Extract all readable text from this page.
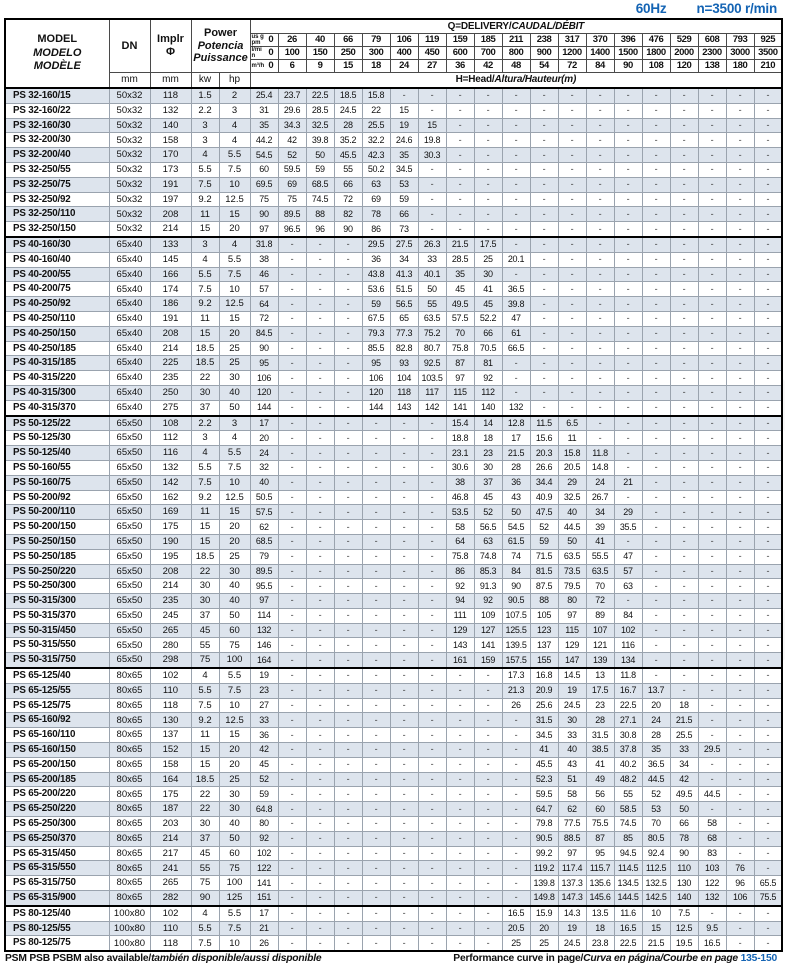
60Hz n=3500 r/min
MODEL
MODELO
MODÈLE
	DN	
Implr
Φ

Power
Potencia
Puissance
	Q=DELIVERY/CAUDAL/DÉBIT

					us gpm 0	26	40	66	79	106	119	159	185	211	238	317	370	396	476	529	608	793	925

					l/min 0	100	150	250	300	400	450	600	700	800	900	1200	1400	1500	1800	2000	2300	3000	3500

					m³/h 0	6	9	15	18	24	27	36	42	48	54	72	84	90	108	120	138	180	210
	mm	mm	kw	hp	H=Head/Altura/Hauteur(m)																		
PS 32-160/15	50x32	118	1.5	2	25.4	23.7	22.5	18.5	15.8	-	-	-	-	-	-	-	-	-	-	-	-	-	-
PS 32-160/22	50x32	132	2.2	3	31	29.6	28.5	24.5	22	15	-	-	-	-	-	-	-	-	-	-	-	-	-
PS 32-160/30	50x32	140	3	4	35	34.3	32.5	28	25.5	19	15	-	-	-	-	-	-	-	-	-	-	-	-
PS 32-200/30	50x32	158	3	4	44.2	42	39.8	35.2	32.2	24.6	19.8	-	-	-	-	-	-	-	-	-	-	-	-
PS 32-200/40	50x32	170	4	5.5	54.5	52	50	45.5	42.3	35	30.3	-	-	-	-	-	-	-	-	-	-	-	-
PS 32-250/55	50x32	173	5.5	7.5	60	59.5	59	55	50.2	34.5	-	-	-	-	-	-	-	-	-	-	-	-	-
PS 32-250/75	50x32	191	7.5	10	69.5	69	68.5	66	63	53	-	-	-	-	-	-	-	-	-	-	-	-	-
PS 32-250/92	50x32	197	9.2	12.5	75	75	74.5	72	69	59	-	-	-	-	-	-	-	-	-	-	-	-	-
PS 32-250/110	50x32	208	11	15	90	89.5	88	82	78	66	-	-	-	-	-	-	-	-	-	-	-	-	-
PS 32-250/150	50x32	214	15	20	97	96.5	96	90	86	73	-	-	-	-	-	-	-	-	-	-	-	-	-
PS 40-160/30	65x40	133	3	4	31.8	-	-	-	29.5	27.5	26.3	21.5	17.5	-	-	-	-	-	-	-	-	-	-
PS 40-160/40	65x40	145	4	5.5	38	-	-	-	36	34	33	28.5	25	20.1	-	-	-	-	-	-	-	-	-
PS 40-200/55	65x40	166	5.5	7.5	46	-	-	-	43.8	41.3	40.1	35	30	-	-	-	-	-	-	-	-	-	-
PS 40-200/75	65x40	174	7.5	10	57	-	-	-	53.6	51.5	50	45	41	36.5	-	-	-	-	-	-	-	-	-
PS 40-250/92	65x40	186	9.2	12.5	64	-	-	-	59	56.5	55	49.5	45	39.8	-	-	-	-	-	-	-	-	-
PS 40-250/110	65x40	191	11	15	72	-	-	-	67.5	65	63.5	57.5	52.2	47	-	-	-	-	-	-	-	-	-
PS 40-250/150	65x40	208	15	20	84.5	-	-	-	79.3	77.3	75.2	70	66	61	-	-	-	-	-	-	-	-	-
PS 40-250/185	65x40	214	18.5	25	90	-	-	-	85.5	82.8	80.7	75.8	70.5	66.5	-	-	-	-	-	-	-	-	-
PS 40-315/185	65x40	225	18.5	25	95	-	-	-	95	93	92.5	87	81	-	-	-	-	-	-	-	-	-	-
PS 40-315/220	65x40	235	22	30	106	-	-	-	106	104	103.5	97	92	-	-	-	-	-	-	-	-	-	-
PS 40-315/300	65x40	250	30	40	120	-	-	-	120	118	117	115	112	-	-	-	-	-	-	-	-	-	-
PS 40-315/370	65x40	275	37	50	144	-	-	-	144	143	142	141	140	132	-	-	-	-	-	-	-	-	-
PS 50-125/22	65x50	108	2.2	3	17	-	-	-	-	-	-	15.4	14	12.8	11.5	6.5	-	-	-	-	-	-	-
PS 50-125/30	65x50	112	3	4	20	-	-	-	-	-	-	18.8	18	17	15.6	11	-	-	-	-	-	-	-
PS 50-125/40	65x50	116	4	5.5	24	-	-	-	-	-	-	23.1	23	21.5	20.3	15.8	11.8	-	-	-	-	-	-
PS 50-160/55	65x50	132	5.5	7.5	32	-	-	-	-	-	-	30.6	30	28	26.6	20.5	14.8	-	-	-	-	-	-
PS 50-160/75	65x50	142	7.5	10	40	-	-	-	-	-	-	38	37	36	34.4	29	24	21	-	-	-	-	-
PS 50-200/92	65x50	162	9.2	12.5	50.5	-	-	-	-	-	-	46.8	45	43	40.9	32.5	26.7	-	-	-	-	-	-
PS 50-200/110	65x50	169	11	15	57.5	-	-	-	-	-	-	53.5	52	50	47.5	40	34	29	-	-	-	-	-
PS 50-200/150	65x50	175	15	20	62	-	-	-	-	-	-	58	56.5	54.5	52	44.5	39	35.5	-	-	-	-	-
PS 50-250/150	65x50	190	15	20	68.5	-	-	-	-	-	-	64	63	61.5	59	50	41	-	-	-	-	-	-
PS 50-250/185	65x50	195	18.5	25	79	-	-	-	-	-	-	75.8	74.8	74	71.5	63.5	55.5	47	-	-	-	-	-
PS 50-250/220	65x50	208	22	30	89.5	-	-	-	-	-	-	86	85.3	84	81.5	73.5	63.5	57	-	-	-	-	-
PS 50-250/300	65x50	214	30	40	95.5	-	-	-	-	-	-	92	91.3	90	87.5	79.5	70	63	-	-	-	-	-
PS 50-315/300	65x50	235	30	40	97	-	-	-	-	-	-	94	92	90.5	88	80	72	-	-	-	-	-	-
PS 50-315/370	65x50	245	37	50	114	-	-	-	-	-	-	111	109	107.5	105	97	89	84	-	-	-	-	-
PS 50-315/450	65x50	265	45	60	132	-	-	-	-	-	-	129	127	125.5	123	115	107	102	-	-	-	-	-
PS 50-315/550	65x50	280	55	75	146	-	-	-	-	-	-	143	141	139.5	137	129	121	116	-	-	-	-	-
PS 50-315/750	65x50	298	75	100	164	-	-	-	-	-	-	161	159	157.5	155	147	139	134	-	-	-	-	-
PS 65-125/40	80x65	102	4	5.5	19	-	-	-	-	-	-	-	-	17.3	16.8	14.5	13	11.8	-	-	-	-	-
PS 65-125/55	80x65	110	5.5	7.5	23	-	-	-	-	-	-	-	-	21.3	20.9	19	17.5	16.7	13.7	-	-	-	-
PS 65-125/75	80x65	118	7.5	10	27	-	-	-	-	-	-	-	-	26	25.6	24.5	23	22.5	20	18	-	-	-
PS 65-160/92	80x65	130	9.2	12.5	33	-	-	-	-	-	-	-	-	-	31.5	30	28	27.1	24	21.5	-	-	-
PS 65-160/110	80x65	137	11	15	36	-	-	-	-	-	-	-	-	-	34.5	33	31.5	30.8	28	25.5	-	-	-
PS 65-160/150	80x65	152	15	20	42	-	-	-	-	-	-	-	-	-	41	40	38.5	37.8	35	33	29.5	-	-
PS 65-200/150	80x65	158	15	20	45	-	-	-	-	-	-	-	-	-	45.5	43	41	40.2	36.5	34	-	-	-
PS 65-200/185	80x65	164	18.5	25	52	-	-	-	-	-	-	-	-	-	52.3	51	49	48.2	44.5	42	-	-	-
PS 65-200/220	80x65	175	22	30	59	-	-	-	-	-	-	-	-	-	59.5	58	56	55	52	49.5	44.5	-	-
PS 65-250/220	80x65	187	22	30	64.8	-	-	-	-	-	-	-	-	-	64.7	62	60	58.5	53	50	-	-	-
PS 65-250/300	80x65	203	30	40	80	-	-	-	-	-	-	-	-	-	79.8	77.5	75.5	74.5	70	66	58	-	-
PS 65-250/370	80x65	214	37	50	92	-	-	-	-	-	-	-	-	-	90.5	88.5	87	85	80.5	78	68	-	-
PS 65-315/450	80x65	217	45	60	102	-	-	-	-	-	-	-	-	-	99.2	97	95	94.5	92.4	90	83	-	-
PS 65-315/550	80x65	241	55	75	122	-	-	-	-	-	-	-	-	-	119.2	117.4	115.7	114.5	112.5	110	103	76	-
PS 65-315/750	80x65	265	75	100	141	-	-	-	-	-	-	-	-	-	139.8	137.3	135.6	134.5	132.5	130	122	96	65.5
PS 65-315/900	80x65	282	90	125	151	-	-	-	-	-	-	-	-	-	149.8	147.3	145.6	144.5	142.5	140	132	106	75.5
PS 80-125/40	100x80	102	4	5.5	17	-	-	-	-	-	-	-	-	16.5	15.9	14.3	13.5	11.6	10	7.5	-	-	-
PS 80-125/55	100x80	110	5.5	7.5	21	-	-	-	-	-	-	-	-	20.5	20	19	18	16.5	15	12.5	9.5	-	-
PS 80-125/75	100x80	118	7.5	10	26	-	-	-	-	-	-	-	-	25	25	24.5	23.8	22.5	21.5	19.5	16.5	-	-
PSM PSB PSBM also available/también disponible/aussi disponible	Performance curve in page/Curva en página/Courbe en page 135-150
